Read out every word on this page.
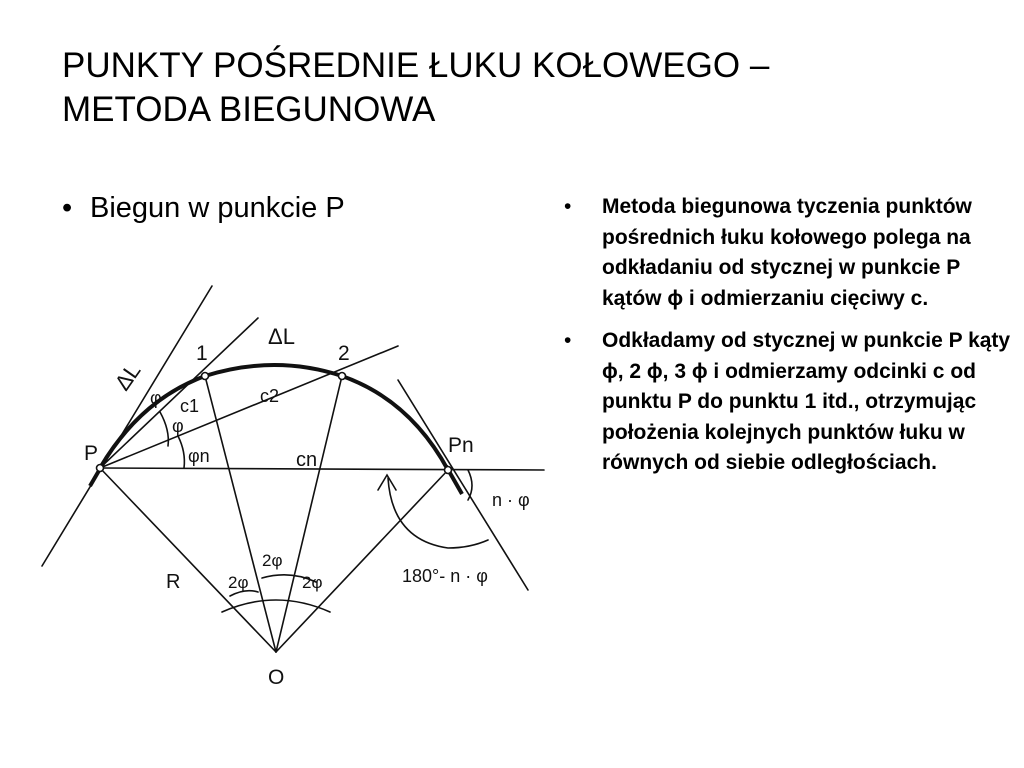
PUNKTY POŚREDNIE ŁUKU KOŁOWEGO –
METODA BIEGUNOWA
• Biegun w punkcie P
ΔL
ΔL
P
1	2
Pn
φ
φ
φn
c1	c2
cn
R
O
2φ
2φ
2φ
n · φ
180°- n · φ
•	Metoda biegunowa tyczenia punktów pośrednich łuku kołowego polega na odkładaniu od stycznej w punkcie P kątów ɸ i odmierzaniu cięciwy c.
•	Odkładamy od stycznej w punkcie P kąty ɸ, 2 ɸ, 3 ɸ i odmierzamy odcinki c od punktu P do punktu 1 itd., otrzymując położenia kolejnych punktów łuku w równych od siebie odległościach.
